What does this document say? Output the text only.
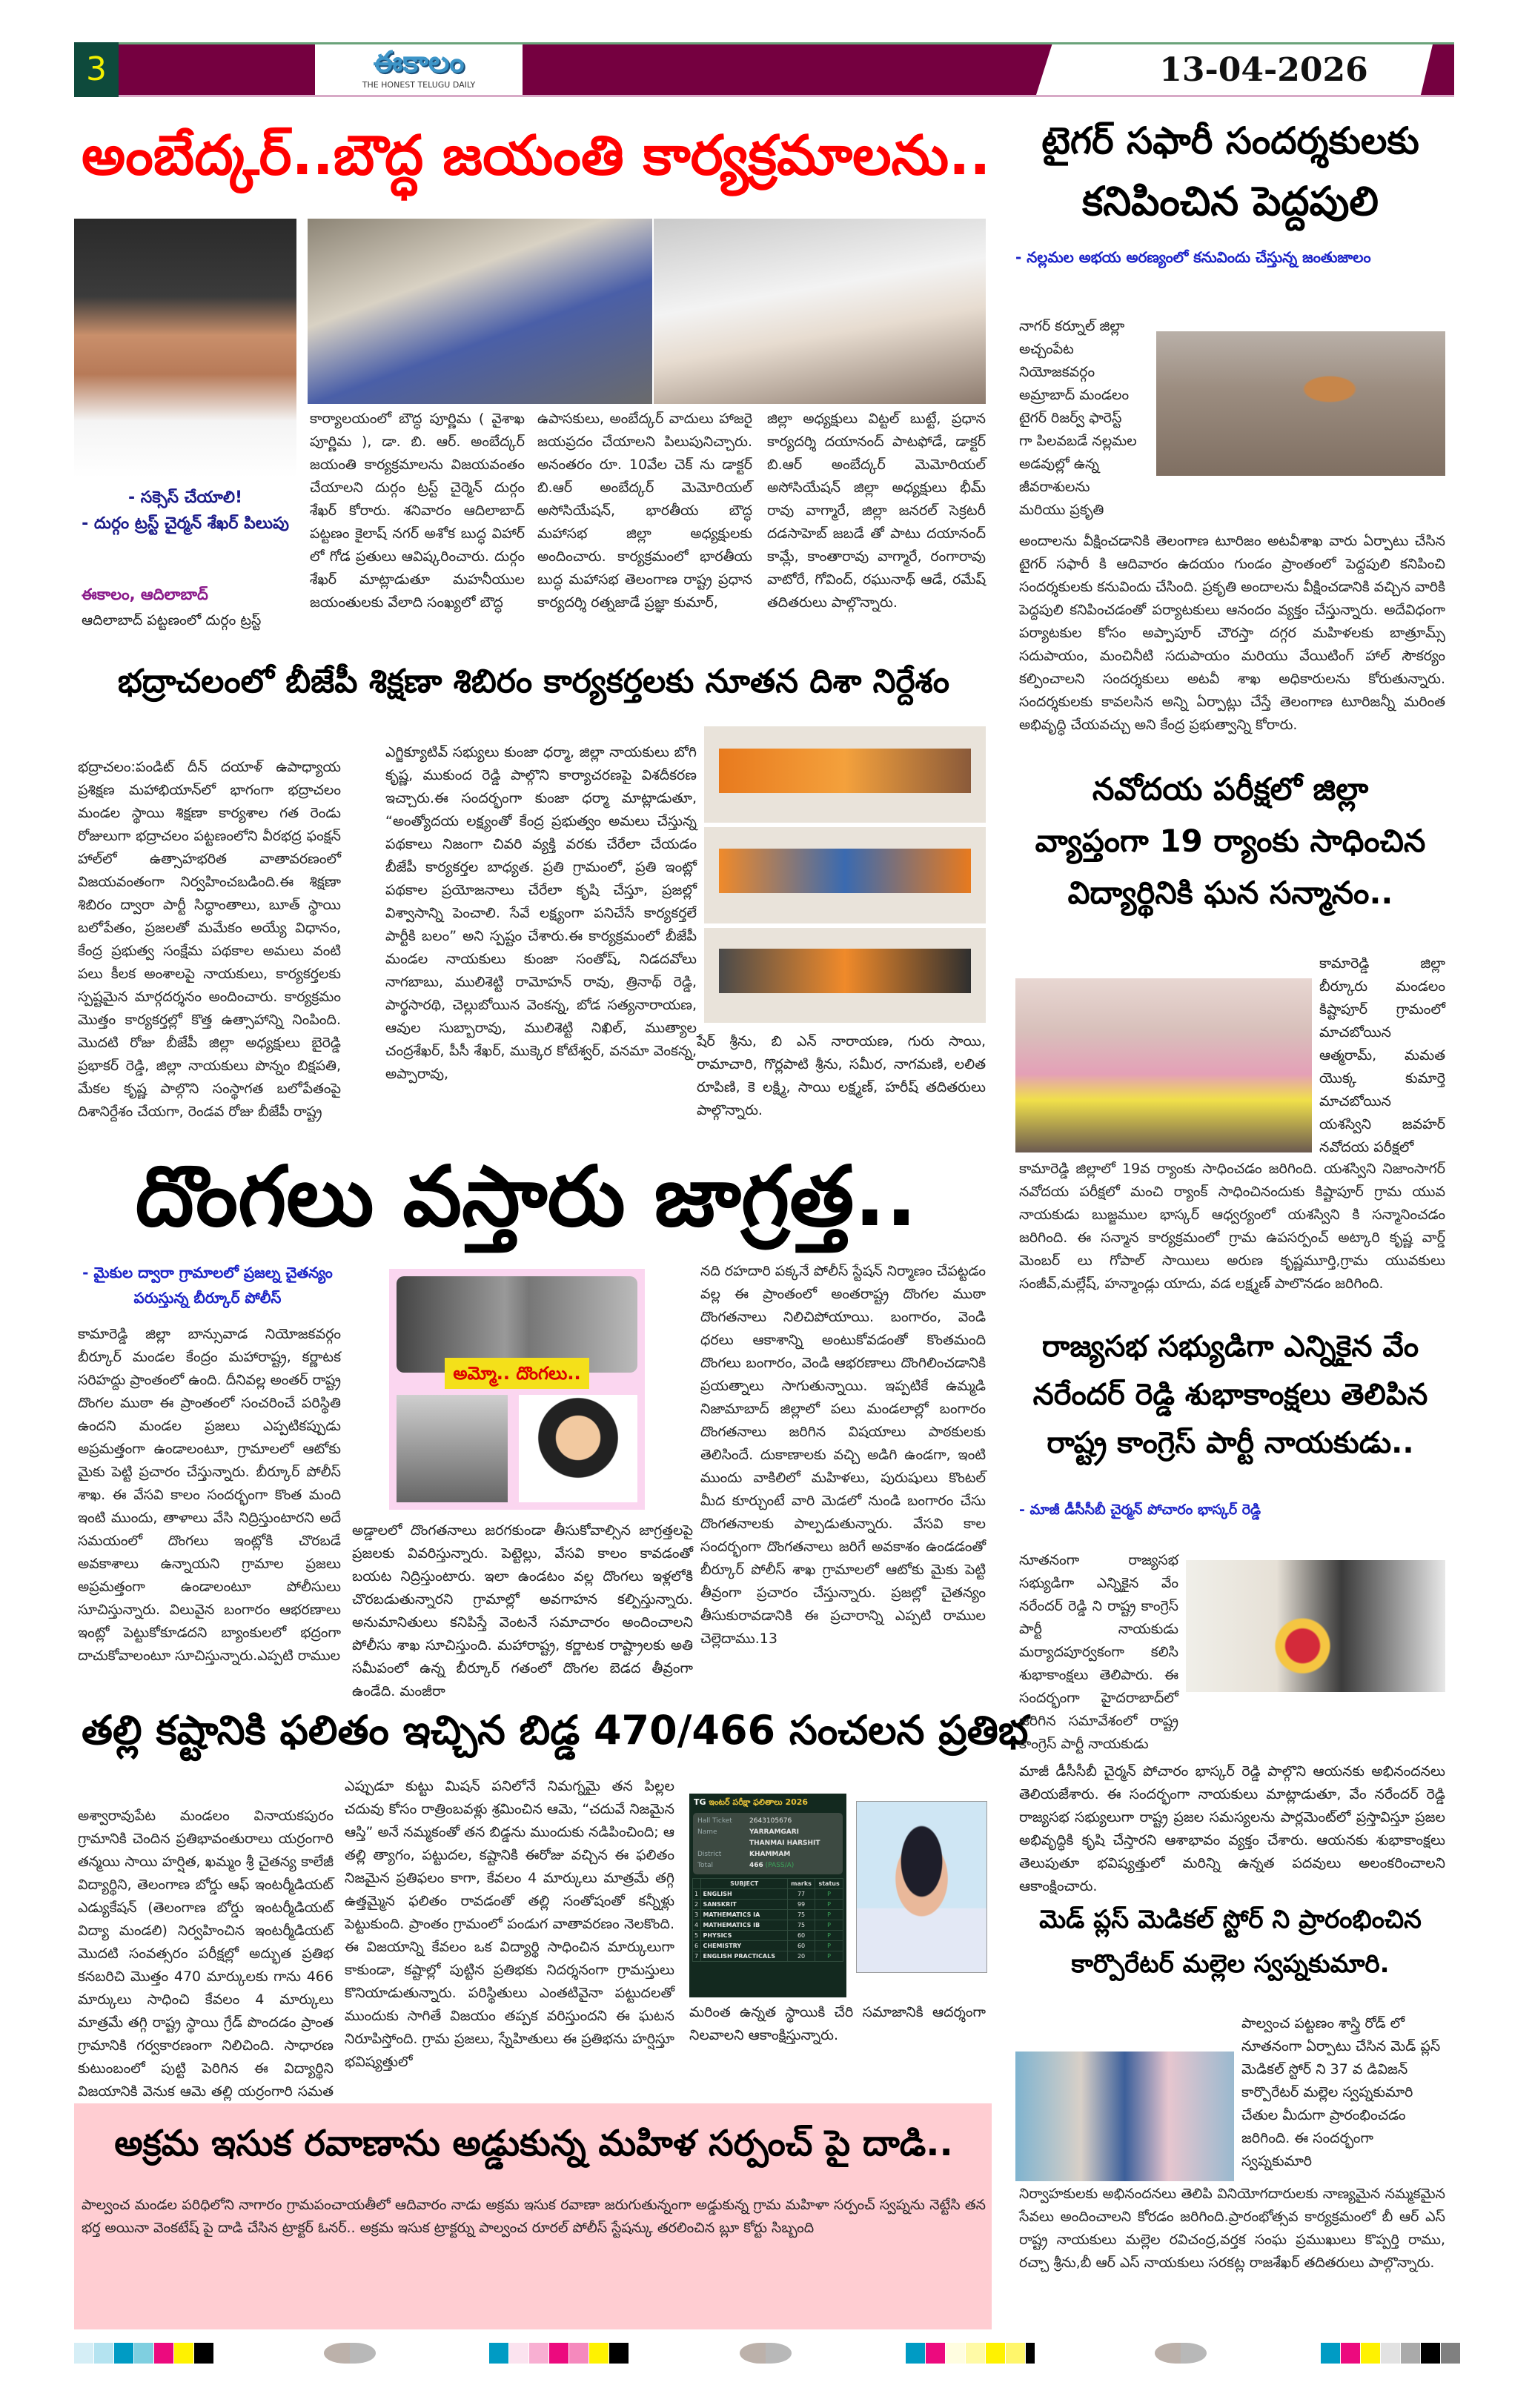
3	ఈకాలం
THE HONEST TELUGU DAILY	13-04-2026
అంబేద్కర్..బౌద్ధ జయంతి కార్యక్రమాలను..
- సక్సెస్ చేయాలి!
- దుర్గం ట్రస్ట్ చైర్మన్ శేఖర్ పిలుపు
ఈకాలం, ఆదిలాబాద్
ఆదిలాబాద్ పట్టణంలో దుర్గం ట్రస్ట్
కార్యాలయంలో బౌద్ధ పూర్ణిమ ( వైశాఖ పూర్ణిమ ), డా. బి. ఆర్. అంబేద్కర్ జయంతి కార్యక్రమాలను విజయవంతం చేయాలని దుర్గం ట్రస్ట్ చైర్మెన్ దుర్గం శేఖర్ కోరారు. శనివారం ఆదిలాబాద్ పట్టణం కైలాష్ నగర్ అశోక బుద్ధ విహార్ లో గోడ ప్రతులు ఆవిష్కరించారు. దుర్గం శేఖర్ మాట్లాడుతూ మహనీయుల జయంతులకు వేలాది సంఖ్యలో బౌద్ధ
ఉపాసకులు, అంబేద్కర్ వాదులు హాజరై జయప్రదం చేయాలని పిలుపునిచ్చారు. అనంతరం రూ. 10వేల చెక్ ను డాక్టర్ బి.ఆర్ అంబేద్కర్ మెమోరియల్ అసోసియేషన్, భారతీయ బౌద్ధ మహాసభ జిల్లా అధ్యక్షులకు అందించారు. కార్యక్రమంలో భారతీయ బుద్ధ మహాసభ తెలంగాణ రాష్ట్ర ప్రధాన కార్యదర్శి రత్నజాడే ప్రజ్ఞా కుమార్,
జిల్లా అధ్యక్షులు విట్టల్ బుట్టే, ప్రధాన కార్యదర్శి దయానంద్ పాటఫోడే, డాక్టర్ బి.ఆర్ అంబేద్కర్ మెమోరియల్ అసోసియేషన్ జిల్లా అధ్యక్షులు భీమ్ రావు వాగ్మారే, జిల్లా జనరల్ సెక్రటరీ దడసాహెబ్ జబడే తో పాటు దయానంద్ కామ్లే, కాంతారావు వాగ్మారే, రంగారావు వాటోరే, గోవింద్, రఘునాథ్ ఆడే, రమేష్ తదితరులు పాల్గొన్నారు.
భద్రాచలంలో బీజేపీ శిక్షణా శిబిరం కార్యకర్తలకు నూతన దిశా నిర్దేశం
భద్రాచలం:పండిట్ దీన్ దయాళ్ ఉపాధ్యాయ ప్రశిక్షణ మహాభియాన్‌లో భాగంగా భద్రాచలం మండల స్థాయి శిక్షణా కార్యశాల గత రెండు రోజులుగా భద్రాచలం పట్టణంలోని వీరభద్ర ఫంక్షన్ హాల్‌లో ఉత్సాహభరిత వాతావరణంలో విజయవంతంగా నిర్వహించబడింది.ఈ శిక్షణా శిబిరం ద్వారా పార్టీ సిద్ధాంతాలు, బూత్ స్థాయి బలోపేతం, ప్రజలతో మమేకం అయ్యే విధానం, కేంద్ర ప్రభుత్వ సంక్షేమ పథకాల అమలు వంటి పలు కీలక అంశాలపై నాయకులు, కార్యకర్తలకు స్పష్టమైన మార్గదర్శనం అందించారు. కార్యక్రమం మొత్తం కార్యకర్తల్లో కొత్త ఉత్సాహాన్ని నింపింది. మొదటి రోజు బీజేపీ జిల్లా అధ్యక్షులు బైరెడ్డి ప్రభాకర్ రెడ్డి, జిల్లా నాయకులు పొన్నం బిక్షపతి, మేకల కృష్ణ పాల్గొని సంస్థాగత బలోపేతంపై దిశానిర్దేశం చేయగా, రెండవ రోజు బీజేపీ రాష్ట్ర
ఎగ్జిక్యూటివ్ సభ్యులు కుంజా ధర్మా, జిల్లా నాయకులు బోగి కృష్ణ, ముకుంద రెడ్డి పాల్గొని కార్యాచరణపై విశదీకరణ ఇచ్చారు.ఈ సందర్భంగా కుంజా ధర్మా మాట్లాడుతూ, “అంత్యోదయ లక్ష్యంతో కేంద్ర ప్రభుత్వం అమలు చేస్తున్న పథకాలు నిజంగా చివరి వ్యక్తి వరకు చేరేలా చేయడం బీజేపీ కార్యకర్తల బాధ్యత. ప్రతి గ్రామంలో, ప్రతి ఇంట్లో పథకాల ప్రయోజనాలు చేరేలా కృషి చేస్తూ, ప్రజల్లో విశ్వాసాన్ని పెంచాలి. సేవే లక్ష్యంగా పనిచేసే కార్యకర్తలే పార్టీకి బలం” అని స్పష్టం చేశారు.ఈ కార్యక్రమంలో బీజేపీ మండల నాయకులు కుంజా సంతోష్, నిడదవోలు నాగబాబు, ములిశెట్టి రామోహన్ రావు, త్రినాథ్ రెడ్డి, పార్థసారథి, చెల్లుబోయిన వెంకన్న, బోడ సత్యనారాయణ, ఆవుల సుబ్బారావు, ములిశెట్టి నిఖిల్, ముత్యాల చంద్రశేఖర్, పీసీ శేఖర్, ముక్కెర కోటేశ్వర్, వనమా వెంకన్న, అప్పారావు,
షేర్ శ్రీను, బి ఎన్ నారాయణ, గురు సాయి, రామాచారి, గొర్లపాటి శ్రీను, సమీర, నాగమణి, లలిత రూపిణి, కె లక్ష్మి, సాయి లక్ష్మణ్, హరీష్ తదితరులు పాల్గొన్నారు.
దొంగలు వస్తారు జాగ్రత్త..
- మైకుల ద్వారా గ్రామాలలో ప్రజల్న చైతన్యం పరుస్తున్న బీర్కూర్ పోలీస్
అమ్మో.. దొంగలు..
కామారెడ్డి జిల్లా బాన్సువాడ నియోజకవర్గం బీర్కూర్ మండల కేంద్రం మహారాష్ట్ర, కర్ణాటక సరిహద్దు ప్రాంతంలో ఉంది. దీనివల్ల అంతర్ రాష్ట్ర దొంగల ముఠా ఈ ప్రాంతంలో సంచరించే పరిస్థితి ఉందని మండల ప్రజలు ఎప్పటికప్పుడు అప్రమత్తంగా ఉండాలంటూ, గ్రామాలలో ఆటోకు మైకు పెట్టి ప్రచారం చేస్తున్నారు. బీర్కూర్ పోలీస్ శాఖ. ఈ వేసవి కాలం సందర్భంగా కొంత మంది ఇంటి ముందు, తాళాలు వేసి నిద్రిస్తుంటారని అదే సమయంలో దొంగలు ఇంట్లోకి చొరబడే అవకాశాలు ఉన్నాయని గ్రామాల ప్రజలు అప్రమత్తంగా ఉండాలంటూ పోలీసులు సూచిస్తున్నారు. విలువైన బంగారం ఆభరణాలు ఇంట్లో పెట్టుకోకూడదని బ్యాంకులలో భద్రంగా దాచుకోవాలంటూ సూచిస్తున్నారు.ఎప్పటి రాముల
అడ్డాలలో దొంగతనాలు జరగకుండా తీసుకోవాల్సిన జాగ్రత్తలపై ప్రజలకు వివరిస్తున్నారు. పెట్టెల్లు, వేసవి కాలం కావడంతో బయట నిద్రిస్తుంటారు. ఇలా ఉండటం వల్ల దొంగలు ఇళ్లలోకి చొరబడుతున్నారని గ్రామాల్లో అవగాహన కల్పిస్తున్నారు. అనుమానితులు కనిపిస్తే వెంటనే సమాచారం అందించాలని పోలీసు శాఖ సూచిస్తుంది. మహారాష్ట్ర, కర్ణాటక రాష్ట్రాలకు అతి సమీపంలో ఉన్న బీర్కూర్ గతంలో దొంగల బెడద తీవ్రంగా ఉండేది. మంజీరా
నది రహదారి పక్కనే పోలీస్ స్టేషన్ నిర్మాణం చేపట్టడం వల్ల ఈ ప్రాంతంలో అంతరాష్ట్ర దొంగల ముఠా దొంగతనాలు నిలిచిపోయాయి. బంగారం, వెండి ధరలు ఆకాశాన్ని అంటుకోవడంతో కొంతమంది దొంగలు బంగారం, వెండి ఆభరణాలు దొంగిలించడానికి ప్రయత్నాలు సాగుతున్నాయి. ఇప్పటికే ఉమ్మడి నిజామాబాద్ జిల్లాలో పలు మండలాల్లో బంగారం దొంగతనాలు జరిగిన విషయాలు పాఠకులకు తెలిసిందే. దుకాణాలకు వచ్చి అడిగి ఉండగా, ఇంటి ముందు వాకిలిలో మహిళలు, పురుషులు కొంటల్ మీద కూర్చుంటే వారి మెడలో నుండి బంగారం చేసు దొంగతనాలకు పాల్పడుతున్నారు. వేసవి కాల సందర్భంగా దొంగతనాలు జరిగే అవకాశం ఉండడంతో బీర్కూర్ పోలీస్ శాఖ గ్రామాలలో ఆటోకు మైకు పెట్టి తీవ్రంగా ప్రచారం చేస్తున్నారు. ప్రజల్లో చైతన్యం తీసుకురావడానికి ఈ ప్రచారాన్ని ఎప్పటి రాముల చెల్లెదాము.13
తల్లి కష్టానికి ఫలితం ఇచ్చిన బిడ్డ 470/466 సంచలన ప్రతిభ
అశ్వారావుపేట మండలం వినాయకపురం గ్రామానికి చెందిన ప్రతిభావంతురాలు యర్రంగారి తన్మయి సాయి హర్షిత, ఖమ్మం శ్రీ చైతన్య కాలేజీ విద్యార్థిని, తెలంగాణ బోర్డు ఆఫ్ ఇంటర్మీడియట్ ఎడ్యుకేషన్ (తెలంగాణ బోర్డు ఇంటర్మీడియట్ విద్యా మండలి) నిర్వహించిన ఇంటర్మీడియట్ మొదటి సంవత్సరం పరీక్షల్లో అద్భుత ప్రతిభ కనబరిచి మొత్తం 470 మార్కులకు గాను 466 మార్కులు సాధించి కేవలం 4 మార్కులు మాత్రమే తగ్గి రాష్ట్ర స్థాయి గ్రేడ్ పొందడం ప్రాంత గ్రామానికి గర్వకారణంగా నిలిచింది. సాధారణ కుటుంబంలో పుట్టి పెరిగిన ఈ విద్యార్థిని విజయానికి వెనుక ఆమె తల్లి యర్రంగారి సమత
ఎప్పుడూ కుట్టు మిషన్ పనిలోనే నిమగ్నమై తన పిల్లల చదువు కోసం రాత్రింబవళ్లు శ్రమించిన ఆమె, “చదువే నిజమైన ఆస్తి” అనే నమ్మకంతో తన బిడ్డను ముందుకు నడిపించింది; ఆ తల్లి త్యాగం, పట్టుదల, కష్టానికి ఈరోజు వచ్చిన ఈ ఫలితం నిజమైన ప్రతిఫలం కాగా, కేవలం 4 మార్కులు మాత్రమే తగ్గి ఉత్తమ్మైన ఫలితం రావడంతో తల్లి సంతోషంతో కన్నీళ్లు పెట్టుకుంది. ప్రాంతం గ్రామంలో పండుగ వాతావరణం నెలకొంది. ఈ విజయాన్ని కేవలం ఒక విద్యార్థి సాధించిన మార్కులుగా కాకుండా, కష్టాల్లో పుట్టిన ప్రతిభకు నిదర్శనంగా గ్రామస్తులు కొనియాడుతున్నారు. పరిస్థితులు ఎంతటివైనా పట్టుదలతో ముందుకు సాగితే విజయం తప్పక వరిస్తుందని ఈ ఘటన నిరూపిస్తోంది. గ్రామ ప్రజలు, స్నేహితులు ఈ ప్రతిభను హర్షిస్తూ భవిష్యత్తులో
TG ఇంటర్ పరీక్షా ఫలితాలు 2026
Hall Ticket	2643105676
Name	YARRAMGARI THANMAI HARSHIT
District	KHAMMAM
Total	466 (PASS/A)
	SUBJECT	marks	status
1	ENGLISH	77	P
2	SANSKRIT	99	P
3	MATHEMATICS IA	75	P
4	MATHEMATICS IB	75	P
5	PHYSICS	60	P
6	CHEMISTRY	60	P
7	ENGLISH PRACTICALS	20	P
మరింత ఉన్నత స్థాయికి చేరి సమాజానికి ఆదర్శంగా నిలవాలని ఆకాంక్షిస్తున్నారు.
అక్రమ ఇసుక రవాణాను అడ్డుకున్న మహిళ సర్పంచ్ పై దాడి..
పాల్వంచ మండల పరిధిలోని నాగారం గ్రామపంచాయతీలో ఆదివారం నాడు అక్రమ ఇసుక రవాణా జరుగుతున్నంగా అడ్డుకున్న గ్రామ మహిళా సర్పంచ్ స్వప్నను నెట్టేసి తన భర్త అయినా వెంకటేష్ పై దాడి చేసిన ట్రాక్టర్ ఓనర్.. అక్రమ ఇసుక ట్రాక్టర్ను పాల్వంచ రూరల్ పోలీస్ స్టేషన్కు తరలించిన బ్లూ కోర్టు సిబ్బంది
టైగర్ సఫారీ సందర్శకులకు
కనిపించిన పెద్దపులి
- నల్లమల అభయ అరణ్యంలో కనువిందు చేస్తున్న జంతుజాలం
నాగర్ కర్నూల్ జిల్లా అచ్చంపేట నియోజకవర్గం అమ్రాబాద్ మండలం టైగర్ రిజర్వ్ ఫారెస్ట్ గా పిలవబడే నల్లమల అడవుల్లో ఉన్న జీవరాశులను మరియు ప్రకృతి
అందాలను వీక్షించడానికి తెలంగాణ టూరిజం అటవీశాఖ వారు ఏర్పాటు చేసిన టైగర్ సఫారీ కి ఆదివారం ఉదయం గుండం ప్రాంతంలో పెద్దపులి కనిపించి సందర్శకులకు కనువిందు చేసింది. ప్రకృతి అందాలను వీక్షించడానికి వచ్చిన వారికి పెద్దపులి కనిపించడంతో పర్యాటకులు ఆనందం వ్యక్తం చేస్తున్నారు. అదేవిధంగా పర్యాటకుల కోసం అప్పాపూర్ చౌరస్తా దగ్గర మహిళలకు బాత్రూమ్స్ సదుపాయం, మంచినీటి సదుపాయం మరియు వేయిటింగ్ హాల్ సౌకర్యం కల్పించాలని సందర్శకులు అటవీ శాఖ అధికారులను కోరుతున్నారు. సందర్శకులకు కావలసిన అన్ని ఏర్పాట్లు చేస్తే తెలంగాణ టూరిజన్నీ మరింత అభివృద్ధి చేయవచ్చు అని కేంద్ర ప్రభుత్వాన్ని కోరారు.
నవోదయ పరీక్షలో జిల్లా
వ్యాప్తంగా 19 ర్యాంకు సాధించిన
విద్యార్థినికి ఘన సన్మానం..
కామారెడ్డి జిల్లా బీర్కూరు మండలం కిష్టాపూర్ గ్రామంలో మాచబోయిన ఆత్మరామ్, మమత యొక్క కుమార్తె మాచబోయిన యశస్విని జవహర్ నవోదయ పరీక్షలో
కామారెడ్డి జిల్లాలో 19వ ర్యాంకు సాధించడం జరిగింది. యశస్విని నిజాంసాగర్ నవోదయ పరీక్షలో మంచి ర్యాంక్ సాధించినందుకు కిష్టాపూర్ గ్రామ యువ నాయకుడు బుజ్జముల భాస్కర్ ఆధ్వర్యంలో యశస్విని కి సన్మానించడం జరిగింది. ఈ సన్మాన కార్యక్రమంలో గ్రామ ఉపసర్పంచ్ అట్కారి కృష్ణ వార్డ్ మెంబర్ లు గోపాల్ సాయిలు అరుణ కృష్ణమూర్తి,గ్రామ యువకులు సంజీవ్,మల్లేష్, హన్మాండ్లు యాదు, వడ లక్ష్మణ్ పాలొనడం జరిగింది.
రాజ్యసభ సభ్యుడిగా ఎన్నికైన వేం
నరేందర్ రెడ్డి శుభాకాంక్షలు తెలిపిన
రాష్ట్ర కాంగ్రెస్ పార్టీ నాయకుడు..
- మాజీ డీసీసీబీ చైర్మన్ పోచారం భాస్కర్ రెడ్డి
నూతనంగా రాజ్యసభ సభ్యుడిగా ఎన్నికైన వేం నరేందర్ రెడ్డి ని రాష్ట్ర కాంగ్రెస్ పార్టీ నాయకుడు మర్యాదపూర్వకంగా కలిసి శుభాకాంక్షలు తెలిపారు. ఈ సందర్భంగా హైదరాబాద్‌లో జరిగిన సమావేశంలో రాష్ట్ర కాంగ్రెస్ పార్టీ నాయకుడు
మాజీ డీసీసీబీ చైర్మన్ పోచారం భాస్కర్ రెడ్డి పాల్గొని ఆయనకు అభినందనలు తెలియజేశారు. ఈ సందర్భంగా నాయకులు మాట్లాడుతూ, వేం నరేందర్ రెడ్డి రాజ్యసభ సభ్యులుగా రాష్ట్ర ప్రజల సమస్యలను పార్లమెంట్‌లో ప్రస్తావిస్తూ ప్రజల అభివృద్ధికి కృషి చేస్తారని ఆశాభావం వ్యక్తం చేశారు. ఆయనకు శుభాకాంక్షలు తెలుపుతూ భవిష్యత్తులో మరిన్ని ఉన్నత పదవులు అలంకరించాలని ఆకాంక్షించారు.
మెడ్ ప్లస్ మెడికల్ స్టోర్ ని ప్రారంభించిన
కార్పొరేటర్ మల్లెల స్వప్నకుమారి.
పాల్వంచ పట్టణం శాస్త్రి రోడ్ లో నూతనంగా ఏర్పాటు చేసిన మెడ్ ప్లస్ మెడికల్ స్టోర్ ని 37 వ డివిజన్ కార్పొరేటర్ మల్లెల స్వప్నకుమారి చేతుల మీదుగా ప్రారంభించడం జరిగింది. ఈ సందర్భంగా స్వప్నకుమారి
నిర్వాహకులకు అభినందనలు తెలిపి వినియోగదారులకు నాణ్యమైన నమ్మకమైన సేవలు అందించాలని కోరడం జరిగింది.ప్రారంభోత్సవ కార్యక్రమంలో బీ ఆర్ ఎస్ రాష్ట్ర నాయకులు మల్లెల రవిచంద్ర,వర్తక సంఘ ప్రముఖులు కొప్పర్తి రాము, రచ్చా శ్రీను,బీ ఆర్ ఎస్ నాయకులు సరకట్ల రాజశేఖర్ తదితరులు పాల్గొన్నారు.
